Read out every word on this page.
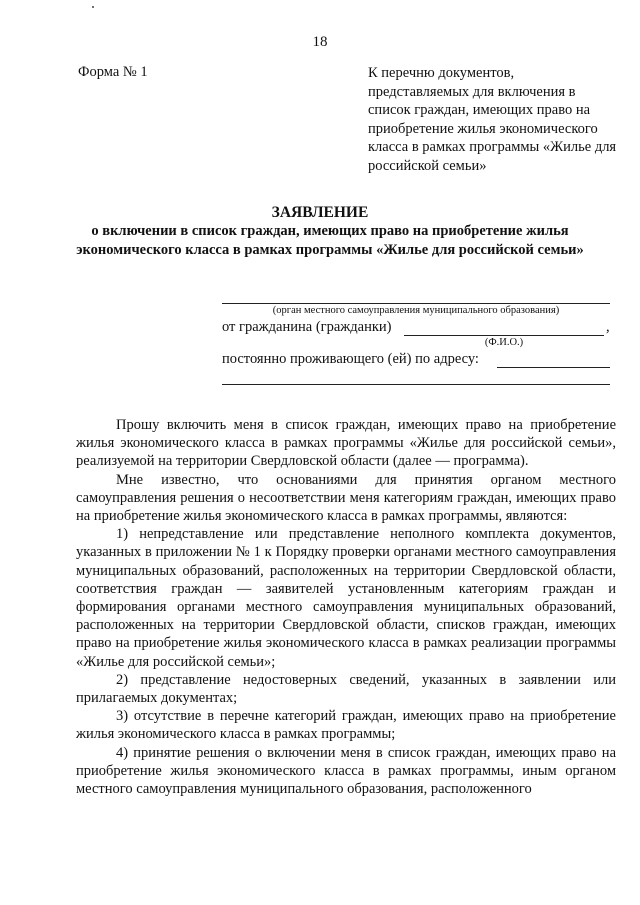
18
Форма № 1	К перечню документов, представляемых для включения в список граждан, имеющих право на приобретение жилья экономического класса в рамках программы «Жилье для российской семьи»
ЗАЯВЛЕНИЕ
о включении в список граждан, имеющих право на приобретение жилья экономического класса в рамках программы «Жилье для российской семьи»
(орган местного самоуправления муниципального образования)
от гражданина (гражданки)	,
(Ф.И.О.)
постоянно проживающего (ей) по адресу:

Прошу включить меня в список граждан, имеющих право на приобретение жилья экономического класса в рамках программы «Жилье для российской семьи», реализуемой на территории Свердловской области (далее — программа).

Мне известно, что основаниями для принятия органом местного самоуправления решения о несоответствии меня категориям граждан, имеющих право на приобретение жилья экономического класса в рамках программы, являются:

1) непредставление или представление неполного комплекта документов, указанных в приложении № 1 к Порядку проверки органами местного самоуправления муниципальных образований, расположенных на территории Свердловской области, соответствия граждан — заявителей установленным категориям граждан и формирования органами местного самоуправления муниципальных образований, расположенных на территории Свердловской области, списков граждан, имеющих право на приобретение жилья экономического класса в рамках реализации программы «Жилье для российской семьи»;

2) представление недостоверных сведений, указанных в заявлении или прилагаемых документах;

3) отсутствие в перечне категорий граждан, имеющих право на приобретение жилья экономического класса в рамках программы;

4) принятие решения о включении меня в список граждан, имеющих право на приобретение жилья экономического класса в рамках программы, иным органом местного самоуправления муниципального образования, расположенного
